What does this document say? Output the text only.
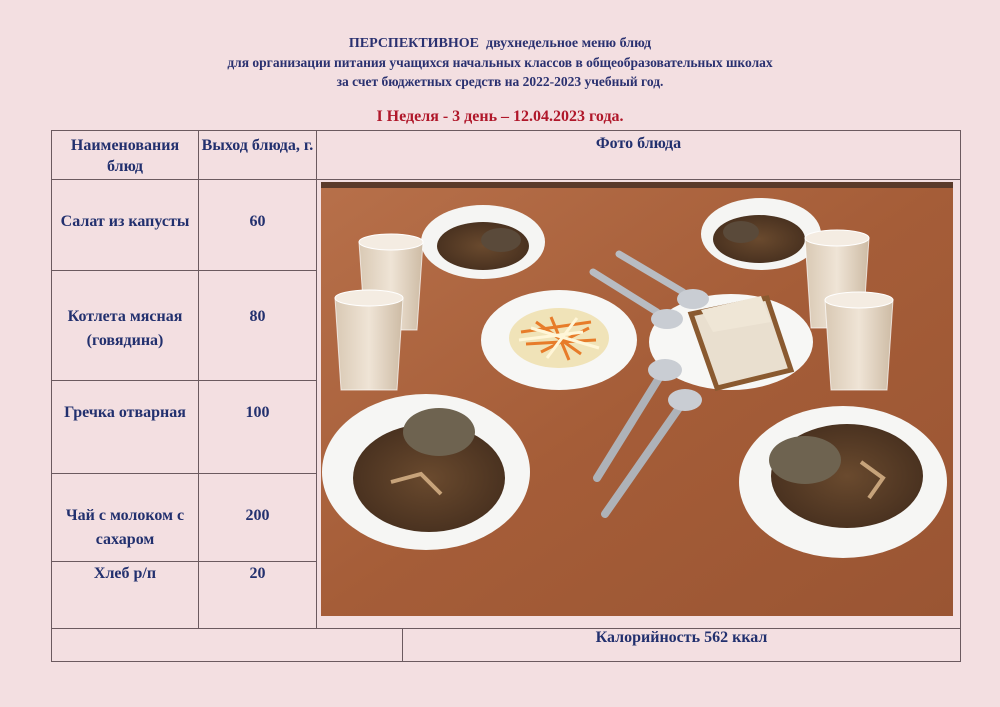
ПЕРСПЕКТИВНОЕ двухнедельное меню блюд
для организации питания учащихся начальных классов в общеобразовательных школах
за счет бюджетных средств на 2022-2023 учебный год.
I Неделя - 3 день – 12.04.2023 года.
Наименования блюд	Выход блюда, г.	Фото блюда	

Салат из капусты	60

Котлета мясная (говядина)	80		

Гречка отварная	100		

Чай с молоком с сахаром	200		

Хлеб р/п	20		

			Калорийность 562 ккал
